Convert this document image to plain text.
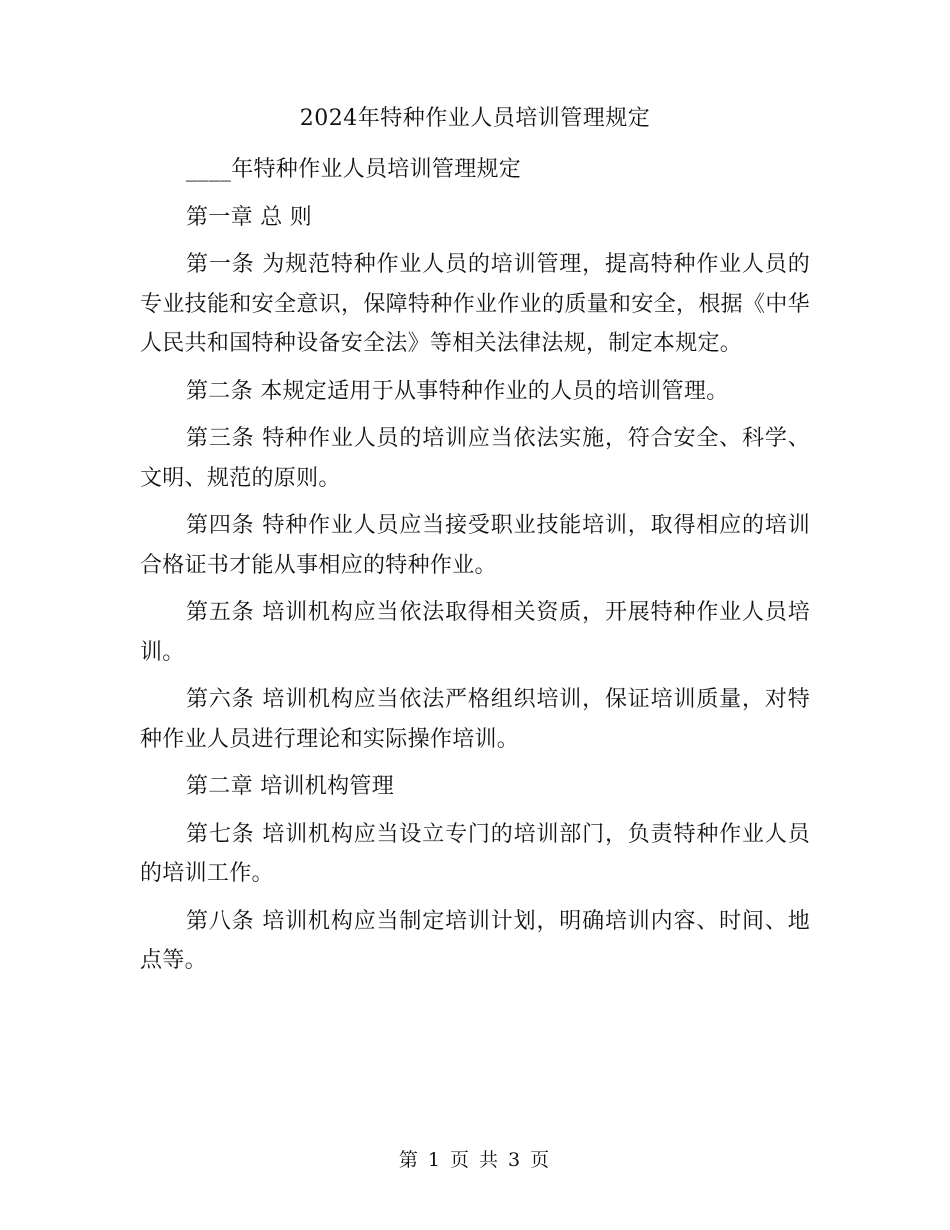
2024年特种作业人员培训管理规定

____年特种作业人员培训管理规定

第一章 总 则

第一条 为规范特种作业人员的培训管理，提高特种作业人员的专业技能和安全意识，保障特种作业作业的质量和安全，根据《中华人民共和国特种设备安全法》等相关法律法规，制定本规定。

第二条 本规定适用于从事特种作业的人员的培训管理。

第三条 特种作业人员的培训应当依法实施，符合安全、科学、文明、规范的原则。

第四条 特种作业人员应当接受职业技能培训，取得相应的培训合格证书才能从事相应的特种作业。

第五条 培训机构应当依法取得相关资质，开展特种作业人员培训。

第六条 培训机构应当依法严格组织培训，保证培训质量，对特种作业人员进行理论和实际操作培训。

第二章 培训机构管理

第七条 培训机构应当设立专门的培训部门，负责特种作业人员的培训工作。

第八条 培训机构应当制定培训计划，明确培训内容、时间、地点等。

第 1 页 共 3 页
